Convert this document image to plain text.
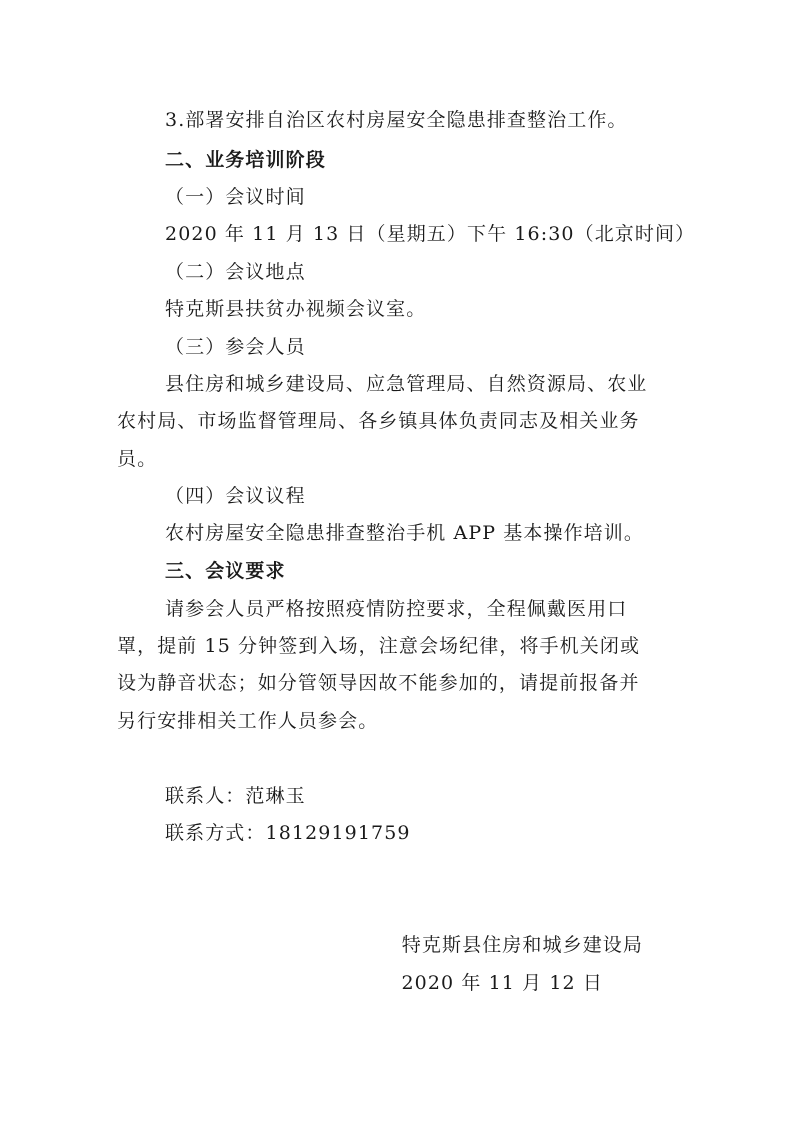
3.部署安排自治区农村房屋安全隐患排查整治工作。
二、业务培训阶段
（一）会议时间
2020 年 11 月 13 日（星期五）下午 16:30（北京时间）
（二）会议地点
特克斯县扶贫办视频会议室。
（三）参会人员
县住房和城乡建设局、应急管理局、自然资源局、农业
农村局、市场监督管理局、各乡镇具体负责同志及相关业务
员。
（四）会议议程
农村房屋安全隐患排查整治手机 APP 基本操作培训。
三、会议要求
请参会人员严格按照疫情防控要求，全程佩戴医用口
罩，提前 15 分钟签到入场，注意会场纪律，将手机关闭或
设为静音状态；如分管领导因故不能参加的，请提前报备并
另行安排相关工作人员参会。
联系人：范琳玉
联系方式：18129191759
特克斯县住房和城乡建设局
2020 年 11 月 12 日
